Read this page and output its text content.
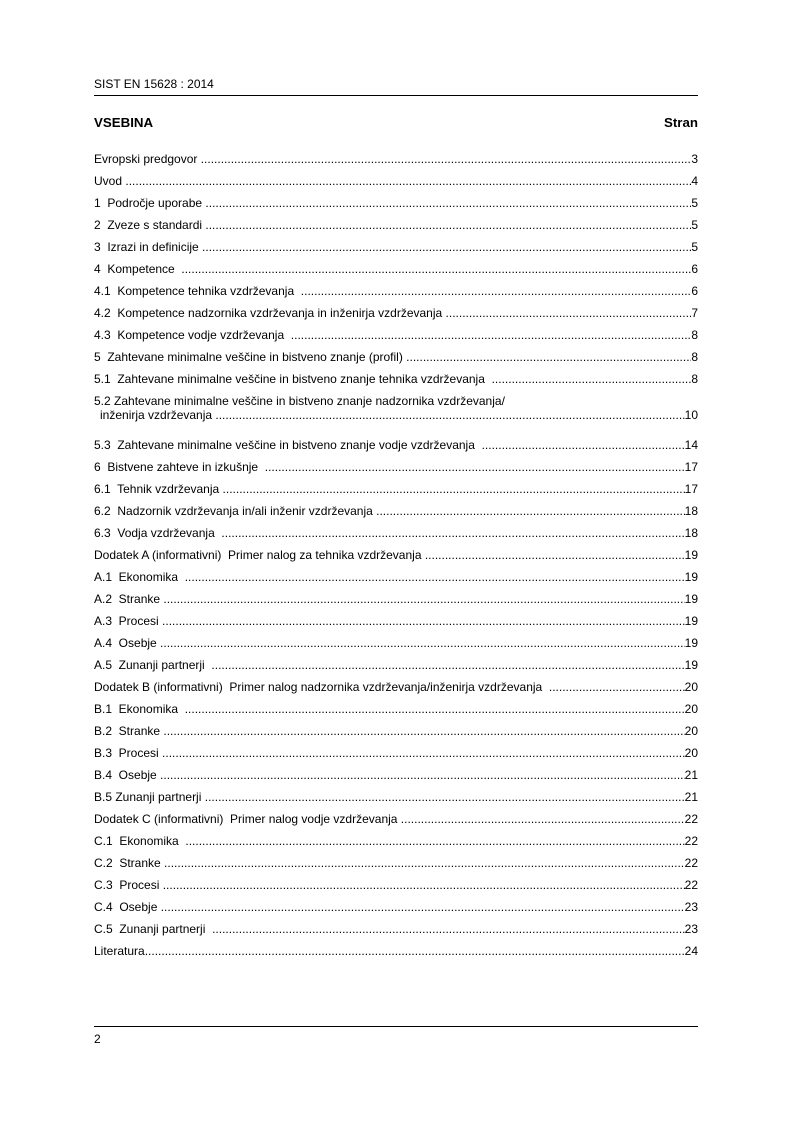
SIST EN 15628 : 2014
VSEBINA	Stran
Evropski predgovor .....	3
Uvod .....	4
1  Področje uporabe .....	5
2  Zveze s standardi .....	5
3  Izrazi in definicije .....	5
4  Kompetence .....	6
4.1  Kompetence tehnika vzdrževanja .....	6
4.2  Kompetence nadzornika vzdrževanja in inženirja vzdrževanja .....	7
4.3  Kompetence vodje vzdrževanja .....	8
5  Zahtevane minimalne veščine in bistveno znanje (profil) .....	8
5.1  Zahtevane minimalne veščine in bistveno znanje tehnika vzdrževanja .....	8
5.2 Zahtevane minimalne veščine in bistveno znanje nadzornika vzdrževanja/
inženirja vzdrževanja .....	10
5.3  Zahtevane minimalne veščine in bistveno znanje vodje vzdrževanja .....	14
6  Bistvene zahteve in izkušnje .....	17
6.1  Tehnik vzdrževanja .....	17
6.2  Nadzornik vzdrževanja in/ali inženir vzdrževanja .....	18
6.3  Vodja vzdrževanja .....	18
Dodatek A (informativni)  Primer nalog za tehnika vzdrževanja .....	19
A.1  Ekonomika .....	19
A.2  Stranke .....	19
A.3  Procesi .....	19
A.4  Osebje .....	19
A.5  Zunanji partnerji .....	19
Dodatek B (informativni)  Primer nalog nadzornika vzdrževanja/inženirja vzdrževanja .....	20
B.1  Ekonomika .....	20
B.2  Stranke .....	20
B.3  Procesi .....	20
B.4  Osebje .....	21
B.5 Zunanji partnerji .....	21
Dodatek C (informativni)  Primer nalog vodje vzdrževanja .....	22
C.1  Ekonomika .....	22
C.2  Stranke .....	22
C.3  Procesi .....	22
C.4  Osebje .....	23
C.5  Zunanji partnerji .....	23
Literatura .....	24
2
